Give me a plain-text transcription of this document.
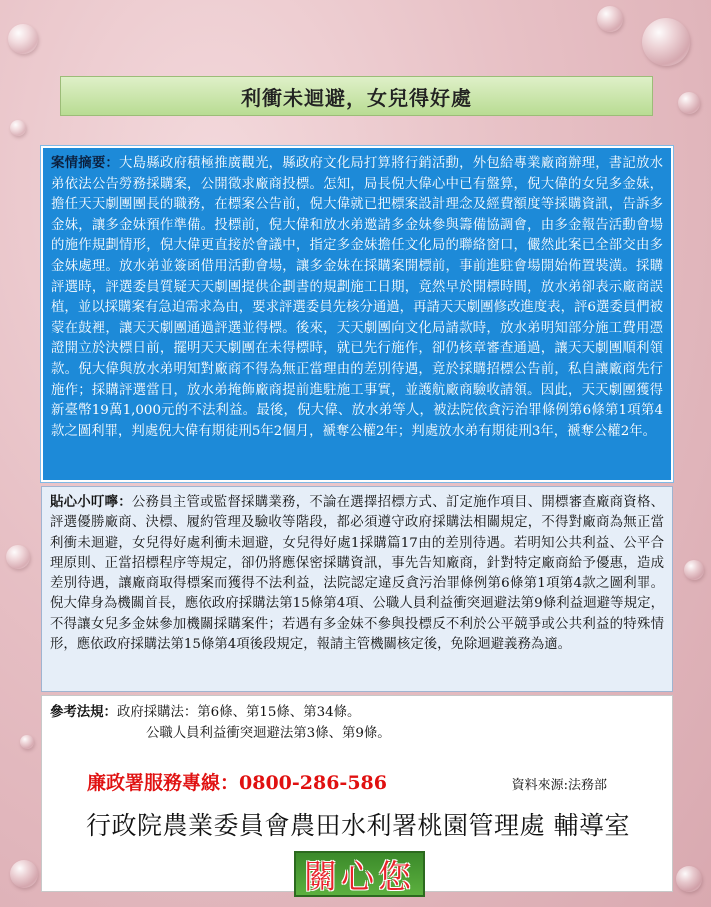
利衝未迴避，女兒得好處
案情摘要：大島縣政府積極推廣觀光，縣政府文化局打算將行銷活動，外包給專業廠商辦理，書記放水弟依法公告勞務採購案，公開徵求廠商投標。怎知，局長倪大偉心中已有盤算，倪大偉的女兒多金妹，擔任天天劇團團長的職務，在標案公告前，倪大偉就已把標案設計理念及經費額度等採購資訊，告訴多金妹，讓多金妹預作準備。投標前，倪大偉和放水弟邀請多金妹參與籌備協調會，由多金報告活動會場的施作規劃情形，倪大偉更直接於會議中，指定多金妹擔任文化局的聯絡窗口，儼然此案已全部交由多金妹處理。放水弟並簽函借用活動會場，讓多金妹在採購案開標前，事前進駐會場開始佈置裝潢。採購評選時，評選委員質疑天天劇團提供企劃書的規劃施工日期，竟然早於開標時間，放水弟卻表示廠商誤植，並以採購案有急迫需求為由，要求評選委員先核分通過，再請天天劇團修改進度表，評6選委員們被蒙在鼓裡，讓天天劇團通過評選並得標。後來，天天劇團向文化局請款時，放水弟明知部分施工費用憑證開立於決標日前，擺明天天劇團在未得標時，就已先行施作，卻仍核章審查通過，讓天天劇團順利領款。倪大偉與放水弟明知對廠商不得為無正當理由的差別待遇，竟於採購招標公告前，私自讓廠商先行施作；採購評選當日，放水弟掩飾廠商提前進駐施工事實，並護航廠商驗收請領。因此，天天劇團獲得新臺幣19萬1,000元的不法利益。最後，倪大偉、放水弟等人，被法院依貪污治罪條例第6條第1項第4款之圖利罪，判處倪大偉有期徒刑5年2個月，褫奪公權2年；判處放水弟有期徒刑3年，褫奪公權2年。
貼心小叮嚀：公務員主管或監督採購業務，不論在選擇招標方式、訂定施作項目、開標審查廠商資格、評選優勝廠商、決標、履約管理及驗收等階段，都必須遵守政府採購法相關規定，不得對廠商為無正當利衝未迴避，女兒得好處利衝未迴避，女兒得好處1採購篇17由的差別待遇。若明知公共利益、公平合理原則、正當招標程序等規定，卻仍將應保密採購資訊，事先告知廠商，針對特定廠商給予優惠，造成差別待遇，讓廠商取得標案而獲得不法利益，法院認定違反貪污治罪條例第6條第1項第4款之圖利罪。倪大偉身為機關首長，應依政府採購法第15條第4項、公職人員利益衝突迴避法第9條利益迴避等規定，不得讓女兒多金妹參加機關採購案件；若遇有多金妹不參與投標反不利於公平競爭或公共利益的特殊情形，應依政府採購法第15條第4項後段規定，報請主管機關核定後，免除迴避義務為適。
參考法規：政府採購法：第6條、第15條、第34條。
公職人員利益衝突迴避法第3條、第9條。
廉政署服務專線：0800-286-586	資料來源:法務部
行政院農業委員會農田水利署桃園管理處 輔導室
關心您
